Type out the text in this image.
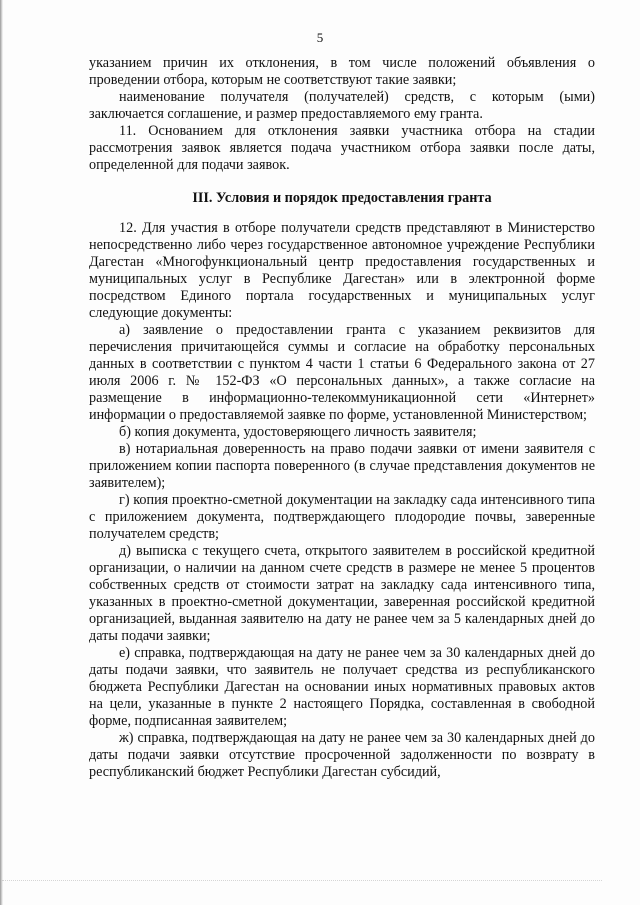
5

указанием причин их отклонения, в том числе положений объявления о проведении отбора, которым не соответствуют такие заявки;

наименование получателя (получателей) средств, с которым (ыми) заключается соглашение, и размер предоставляемого ему гранта.

11. Основанием для отклонения заявки участника отбора на стадии рассмотрения заявок является подача участником отбора заявки после даты, определенной для подачи заявок.

III. Условия и порядок предоставления гранта

12. Для участия в отборе получатели средств представляют в Министерство непосредственно либо через государственное автономное учреждение Республики Дагестан «Многофункциональный центр предоставления государственных и муниципальных услуг в Республике Дагестан» или в электронной форме посредством Единого портала государственных и муниципальных услуг следующие документы:

а) заявление о предоставлении гранта с указанием реквизитов для перечисления причитающейся суммы и согласие на обработку персональных данных в соответствии с пунктом 4 части 1 статьи 6 Федерального закона от 27 июля 2006 г. № 152-ФЗ «О персональных данных», а также согласие на размещение в информационно-телекоммуникационной сети «Интернет» информации о предоставляемой заявке по форме, установленной Министерством;

б) копия документа, удостоверяющего личность заявителя;

в) нотариальная доверенность на право подачи заявки от имени заявителя с приложением копии паспорта поверенного (в случае представления документов не заявителем);

г) копия проектно-сметной документации на закладку сада интенсивного типа с приложением документа, подтверждающего плодородие почвы, заверенные получателем средств;

д) выписка с текущего счета, открытого заявителем в российской кредитной организации, о наличии на данном счете средств в размере не менее 5 процентов собственных средств от стоимости затрат на закладку сада интенсивного типа, указанных в проектно-сметной документации, заверенная российской кредитной организацией, выданная заявителю на дату не ранее чем за 5 календарных дней до даты подачи заявки;

е) справка, подтверждающая на дату не ранее чем за 30 календарных дней до даты подачи заявки, что заявитель не получает средства из республиканского бюджета Республики Дагестан на основании иных нормативных правовых актов на цели, указанные в пункте 2 настоящего Порядка, составленная в свободной форме, подписанная заявителем;

ж) справка, подтверждающая на дату не ранее чем за 30 календарных дней до даты подачи заявки отсутствие просроченной задолженности по возврату в республиканский бюджет Республики Дагестан субсидий,
